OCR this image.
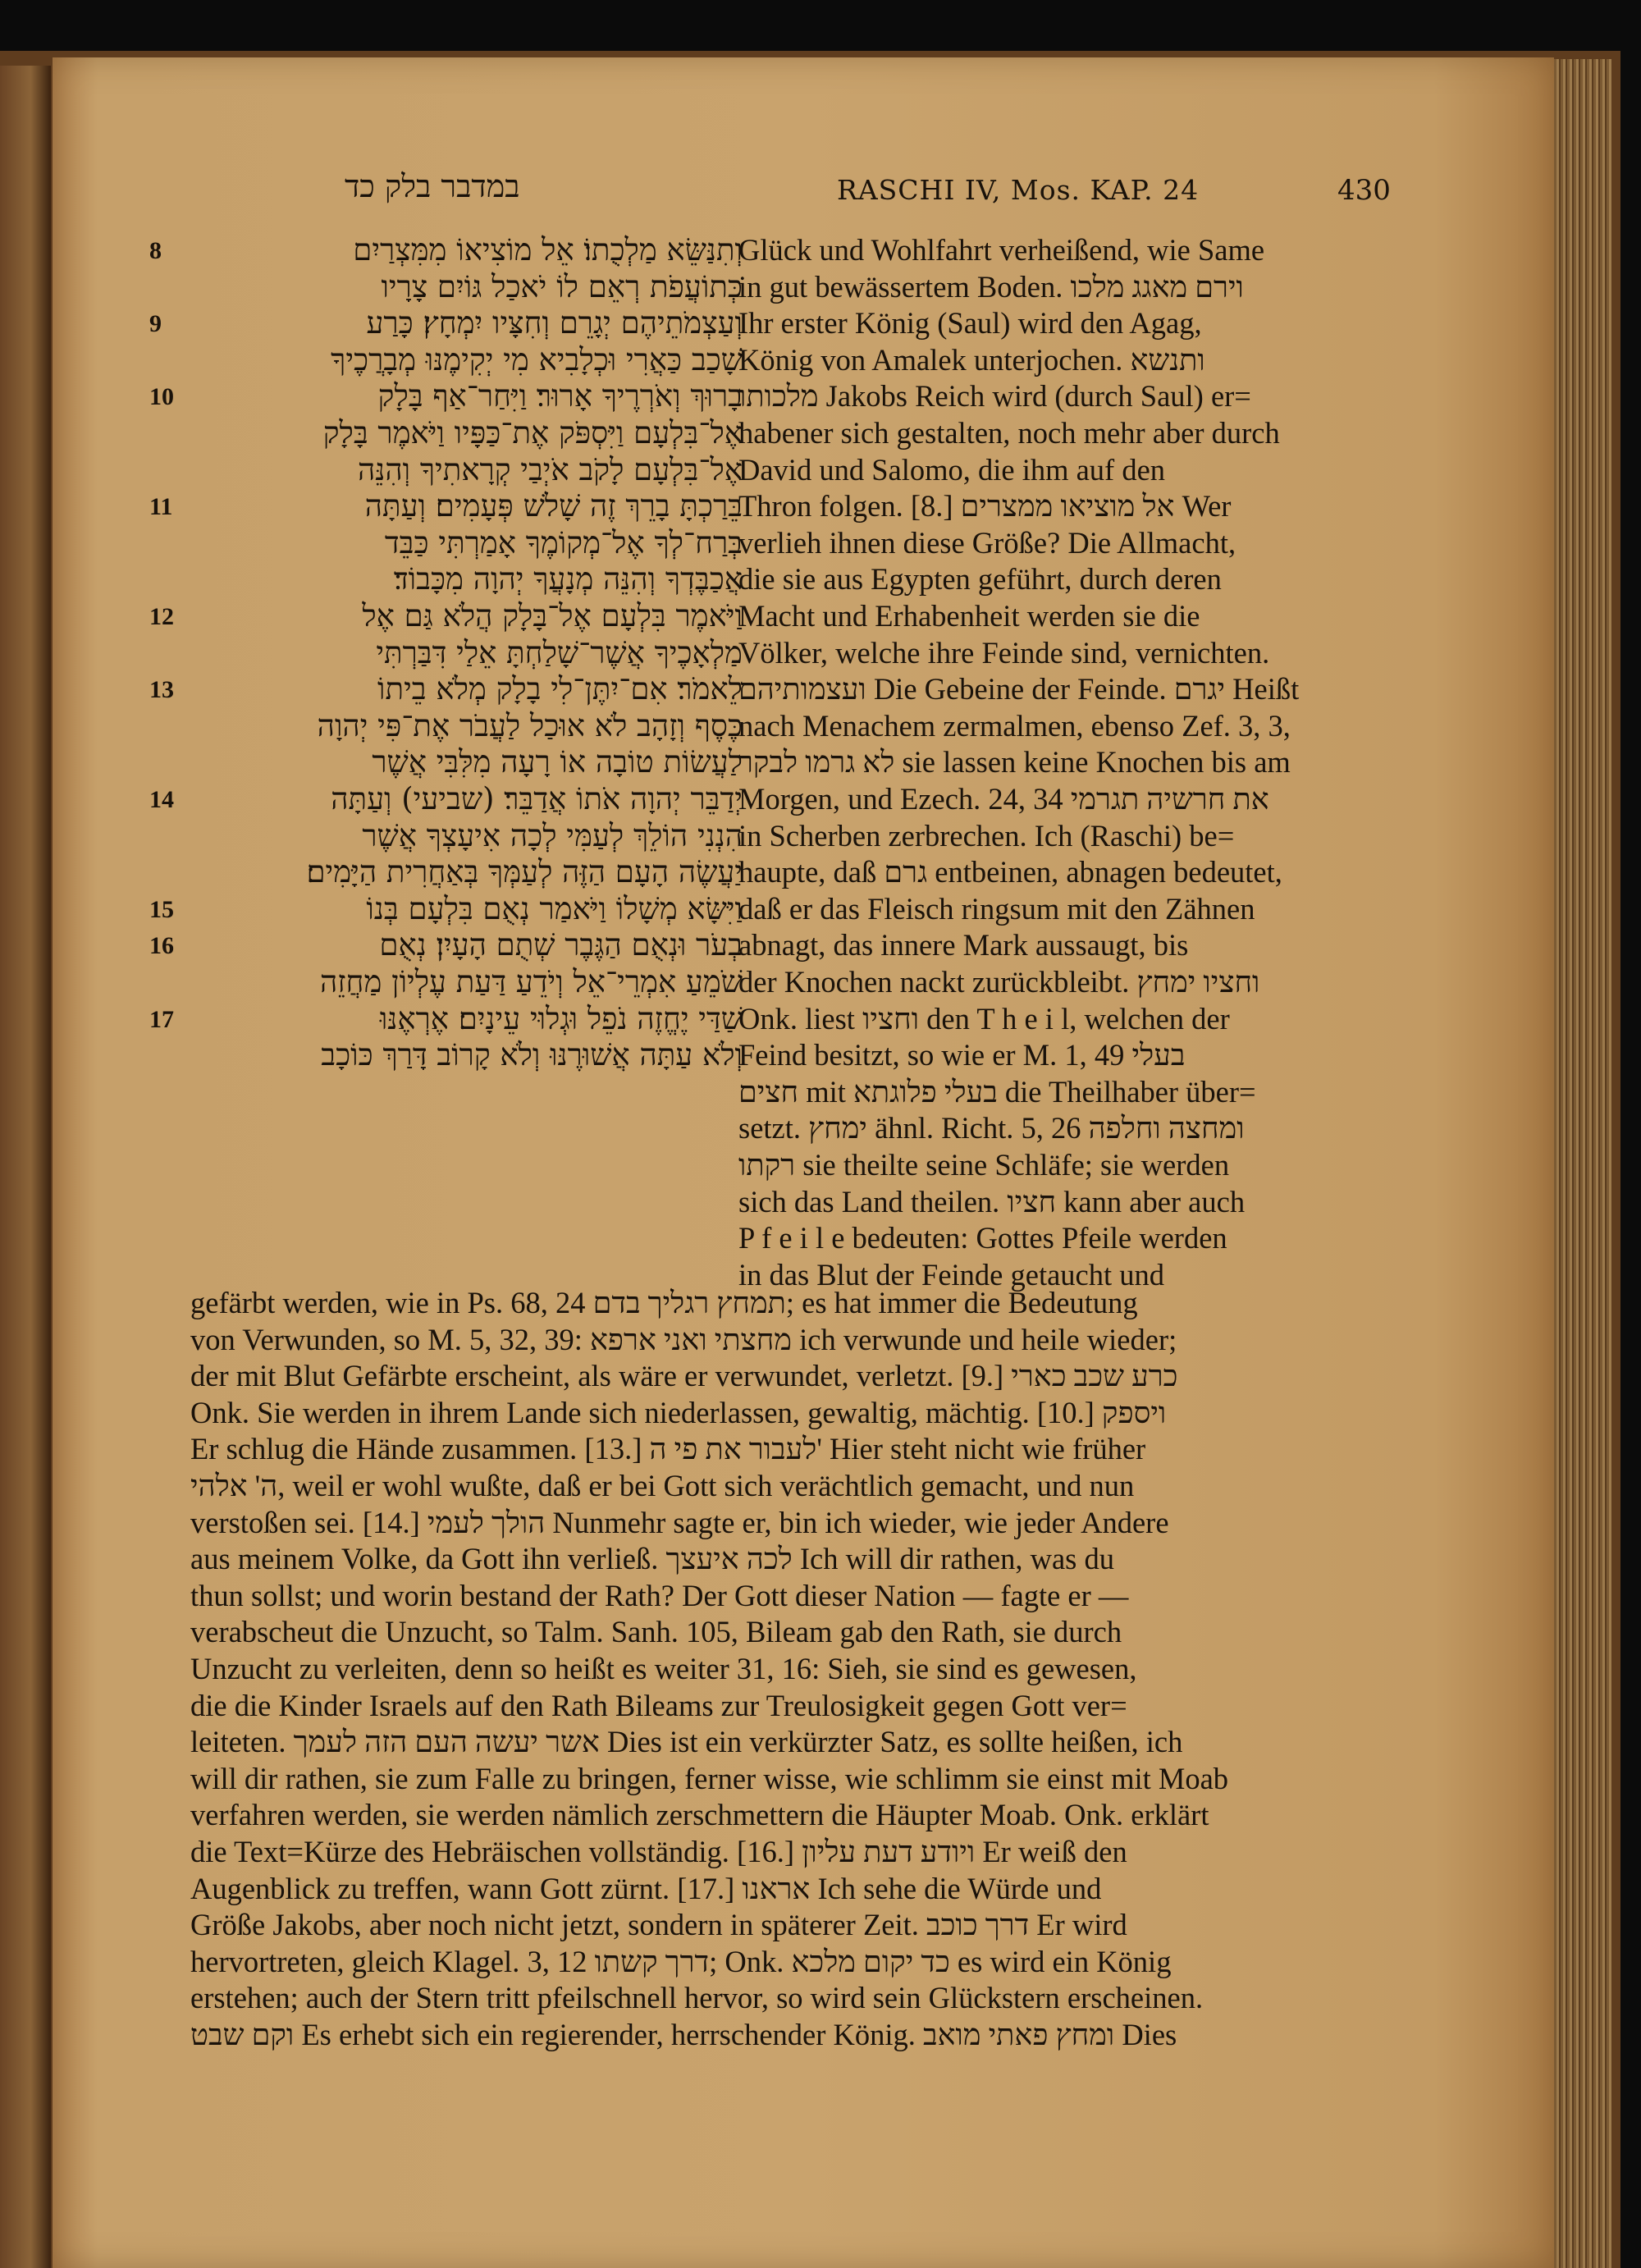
במדבר בלק כד	RASCHI IV, Mos. KAP. 24	430
8	וְתִנַּשֵּׂא מַלְכֻתוֹ׃ אֵל מוֹצִיאוֹ מִמִּצְרַיִם
כְּתוֹעֲפֹת רְאֵם לוֹ יֹאכַל גּוֹיִם צָרָיו
9	וְעַצְמֹתֵיהֶם יְגָרֵם וְחִצָּיו יִמְחָץ׃ כָּרַע
שָׁכַב כַּאֲרִי וּכְלָבִיא מִי יְקִימֶנּוּ מְבָרֲכֶיךָ
10	בָרוּךְ וְאֹרְרֶיךָ אָרוּר׃ וַיִּחַר־אַף בָּלָק
אֶל־בִּלְעָם וַיִּסְפֹּק אֶת־כַּפָּיו וַיֹּאמֶר בָּלָק
אֶל־בִּלְעָם לָקֹב אֹיְבַי קְרָאתִיךָ וְהִנֵּה
11	בֵּרַכְתָּ בָרֵךְ זֶה שָׁלֹשׁ פְּעָמִים׃ וְעַתָּה
בְּרַח־לְךָ אֶל־מְקוֹמֶךָ אָמַרְתִּי כַּבֵּד
אֲכַבֶּדְךָ וְהִנֵּה מְנָעֲךָ יְהוָה מִכָּבוֹד׃
12	וַיֹּאמֶר בִּלְעָם אֶל־בָּלָק הֲלֹא גַּם אֶל
מַלְאָכֶיךָ אֲשֶׁר־שָׁלַחְתָּ אֵלַי דִּבַּרְתִּי
13	לֵאמֹר׃ אִם־יִתֶּן־לִי בָלָק מְלֹא בֵיתוֹ
כֶּסֶף וְזָהָב לֹא אוּכַל לַעֲבֹר אֶת־פִּי יְהוָה
לַעֲשׂוֹת טוֹבָה אוֹ רָעָה מִלִּבִּי אֲשֶׁר
14	יְדַבֵּר יְהוָה אֹתוֹ אֲדַבֵּר׃ (שביעי) וְעַתָּה
הִנְנִי הוֹלֵךְ לְעַמִּי לְכָה אִיעָצְךָ אֲשֶׁר
יַעֲשֶׂה הָעָם הַזֶּה לְעַמְּךָ בְּאַחֲרִית הַיָּמִים׃
15	וַיִּשָּׂא מְשָׁלוֹ וַיֹּאמַר נְאֻם בִּלְעָם בְּנוֹ
16	בְעֹר וּנְאֻם הַגֶּבֶר שְׁתֻם הָעָיִן׃ נְאֻם
שֹׁמֵעַ אִמְרֵי־אֵל וְיֹדֵעַ דַּעַת עֶלְיוֹן מַחֲזֵה
17	שַׁדַּי יֶחֱזֶה נֹפֵל וּגְלוּי עֵינָיִם׃ אֶרְאֶנּוּ
וְלֹא עַתָּה אֲשׁוּרֶנּוּ וְלֹא קָרוֹב דָּרַךְ כּוֹכָב
Glück und Wohlfahrt verheißend, wie Same
in gut bewässertem Boden. וירם מאגג מלכו
Ihr erster König (Saul) wird den Agag,
König von Amalek unterjochen. ותנשא
מלכותו Jakobs Reich wird (durch Saul) er=
habener sich gestalten, noch mehr aber durch
David und Salomo, die ihm auf den
Thron folgen. [8.] אל מוציאו ממצרים Wer
verlieh ihnen diese Größe? Die Allmacht,
die sie aus Egypten geführt, durch deren
Macht und Erhabenheit werden sie die
Völker, welche ihre Feinde sind, vernichten.
ועצמותיהם Die Gebeine der Feinde. יגרם Heißt
nach Menachem zermalmen, ebenso Zef. 3, 3,
לא גרמו לבקר sie lassen keine Knochen bis am
Morgen, und Ezech. 24, 34 את חרשיה תגרמי
in Scherben zerbrechen. Ich (Raschi) be=
haupte, daß גרם entbeinen, abnagen bedeutet,
daß er das Fleisch ringsum mit den Zähnen
abnagt, das innere Mark aussaugt, bis
der Knochen nackt zurückbleibt. וחציו ימחץ
Onk. liest וחציו den T h e i l, welchen der
Feind besitzt, so wie er M. 1, 49 בעלי
חצים mit בעלי פלוגתא die Theilhaber über=
setzt. ימחץ ähnl. Richt. 5, 26 ומחצה וחלפה
רקתו sie theilte seine Schläfe; sie werden
sich das Land theilen. חציו kann aber auch
P f e i l e bedeuten: Gottes Pfeile werden
in das Blut der Feinde getaucht und
gefärbt werden, wie in Ps. 68, 24 תמחץ רגליך בדם; es hat immer die Bedeutung
von Verwunden, so M. 5, 32, 39: מחצתי ואני ארפא ich verwunde und heile wieder;
der mit Blut Gefärbte erscheint, als wäre er verwundet, verletzt. [9.] כרע שכב כארי
Onk. Sie werden in ihrem Lande sich niederlassen, gewaltig, mächtig. [10.] ויספק
Er schlug die Hände zusammen. [13.] לעבור את פי ה' Hier steht nicht wie früher
ה' אלהי, weil er wohl wußte, daß er bei Gott sich verächtlich gemacht, und nun
verstoßen sei. [14.] הולך לעמי Nunmehr sagte er, bin ich wieder, wie jeder Andere
aus meinem Volke, da Gott ihn verließ. לכה איעצך Ich will dir rathen, was du
thun sollst; und worin bestand der Rath? Der Gott dieser Nation — fagte er —
verabscheut die Unzucht, so Talm. Sanh. 105, Bileam gab den Rath, sie durch
Unzucht zu verleiten, denn so heißt es weiter 31, 16: Sieh, sie sind es gewesen,
die die Kinder Israels auf den Rath Bileams zur Treulosigkeit gegen Gott ver=
leiteten. אשר יעשה העם הזה לעמך Dies ist ein verkürzter Satz, es sollte heißen, ich
will dir rathen, sie zum Falle zu bringen, ferner wisse, wie schlimm sie einst mit Moab
verfahren werden, sie werden nämlich zerschmettern die Häupter Moab. Onk. erklärt
die Text=Kürze des Hebräischen vollständig. [16.] ויודע דעת עליון Er weiß den
Augenblick zu treffen, wann Gott zürnt. [17.] אראנו Ich sehe die Würde und
Größe Jakobs, aber noch nicht jetzt, sondern in späterer Zeit. דרך כוכב Er wird
hervortreten, gleich Klagel. 3, 12 דרך קשתו; Onk. כד יקום מלכא es wird ein König
erstehen; auch der Stern tritt pfeilschnell hervor, so wird sein Glückstern erscheinen.
וקם שבט Es erhebt sich ein regierender, herrschender König. ומחץ פאתי מואב Dies
